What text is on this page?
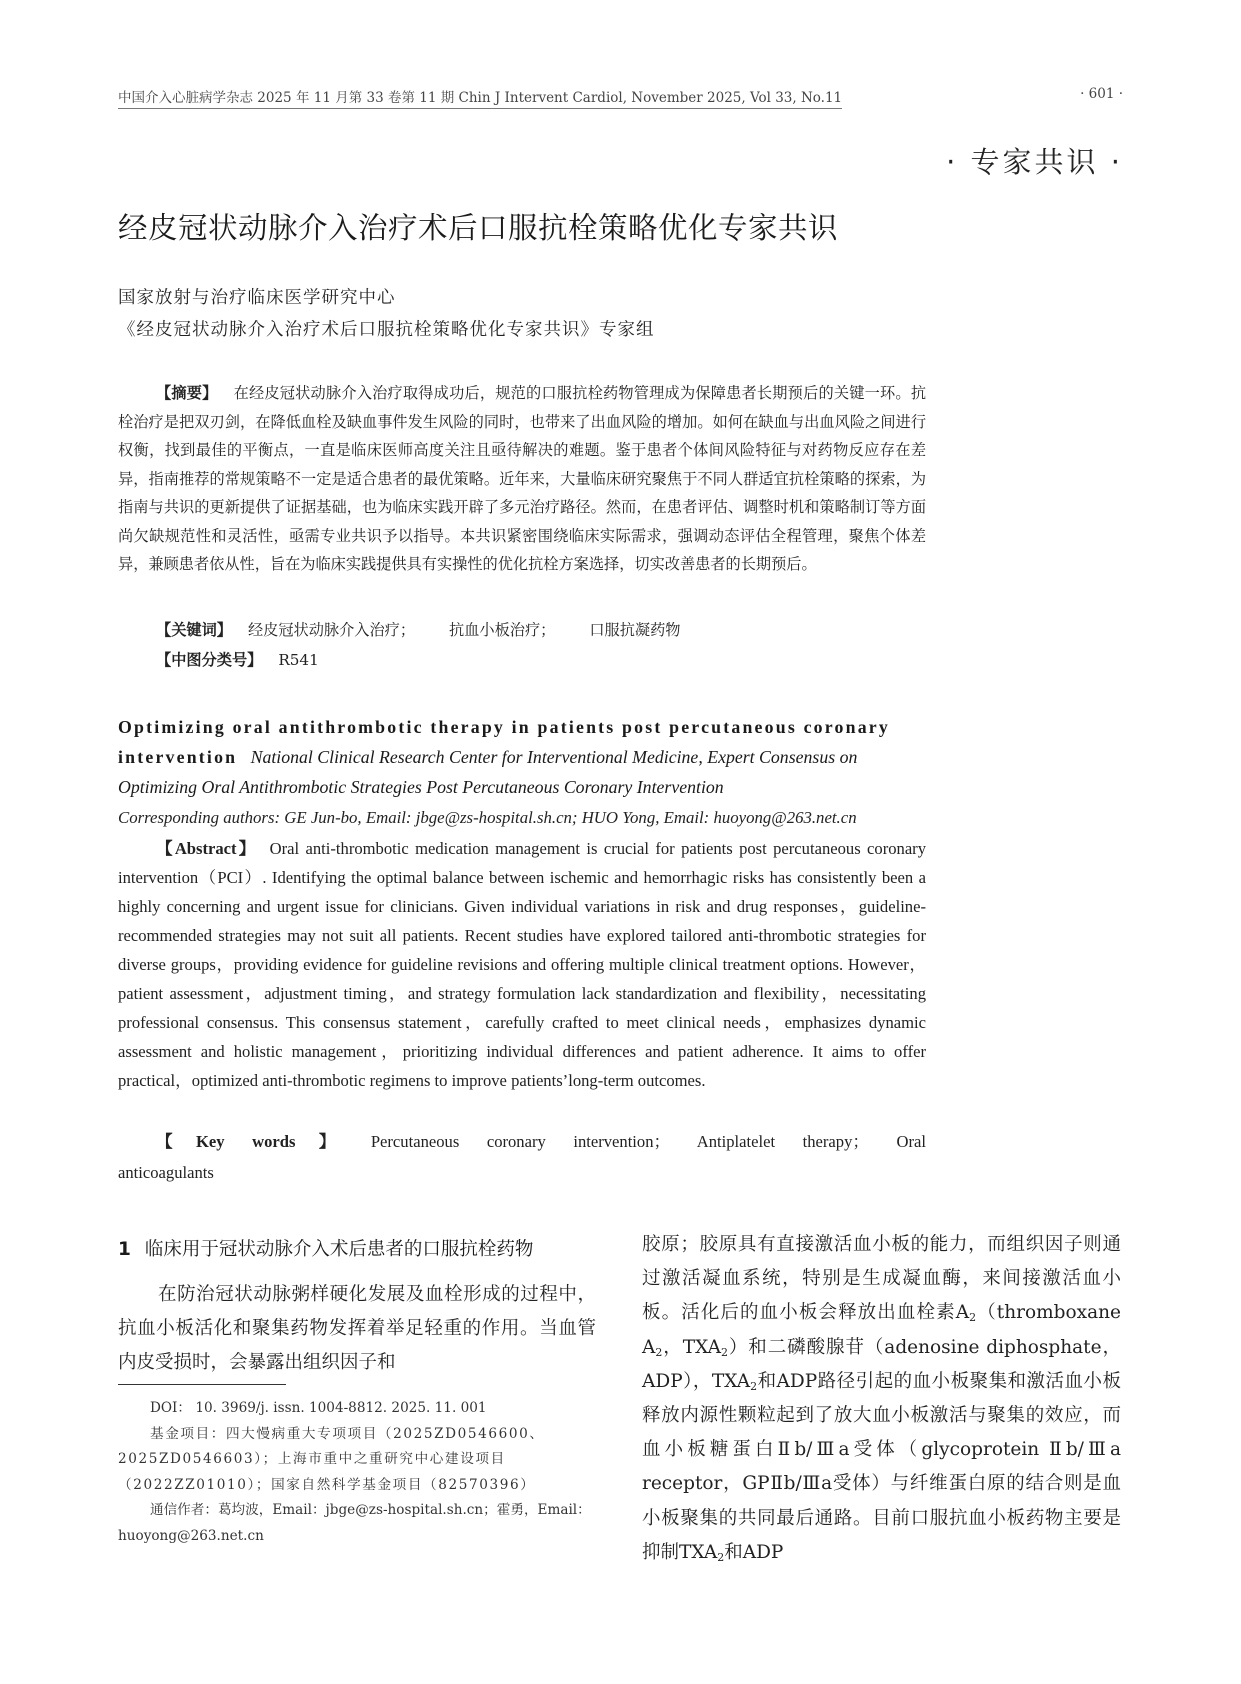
中国介入心脏病学杂志 2025 年 11 月第 33 卷第 11 期 Chin J Intervent Cardiol, November 2025, Vol 33, No.11	· 601 ·
· 专家共识 ·
经皮冠状动脉介入治疗术后口服抗栓策略优化专家共识
国家放射与治疗临床医学研究中心
《经皮冠状动脉介入治疗术后口服抗栓策略优化专家共识》专家组

【摘要】 在经皮冠状动脉介入治疗取得成功后，规范的口服抗栓药物管理成为保障患者长期预后的关键一环。抗栓治疗是把双刃剑，在降低血栓及缺血事件发生风险的同时，也带来了出血风险的增加。如何在缺血与出血风险之间进行权衡，找到最佳的平衡点，一直是临床医师高度关注且亟待解决的难题。鉴于患者个体间风险特征与对药物反应存在差异，指南推荐的常规策略不一定是适合患者的最优策略。近年来，大量临床研究聚焦于不同人群适宜抗栓策略的探索，为指南与共识的更新提供了证据基础，也为临床实践开辟了多元治疗路径。然而，在患者评估、调整时机和策略制订等方面尚欠缺规范性和灵活性，亟需专业共识予以指导。本共识紧密围绕临床实际需求，强调动态评估全程管理，聚焦个体差异，兼顾患者依从性，旨在为临床实践提供具有实操性的优化抗栓方案选择，切实改善患者的长期预后。

【关键词】 经皮冠状动脉介入治疗； 抗血小板治疗； 口服抗凝药物
【中图分类号】 R541
Optimizing oral antithrombotic therapy in patients post percutaneous coronary
intervention National Clinical Research Center for Interventional Medicine, Expert Consensus on Optimizing Oral Antithrombotic Strategies Post Percutaneous Coronary Intervention
Corresponding authors: GE Jun-bo, Email: jbge@zs-hospital.sh.cn; HUO Yong, Email: huoyong@263.net.cn

【Abstract】 Oral anti-thrombotic medication management is crucial for patients post percutaneous coronary intervention（PCI）. Identifying the optimal balance between ischemic and hemorrhagic risks has consistently been a highly concerning and urgent issue for clinicians. Given individual variations in risk and drug responses，guideline-recommended strategies may not suit all patients. Recent studies have explored tailored anti-thrombotic strategies for diverse groups，providing evidence for guideline revisions and offering multiple clinical treatment options. However，patient assessment，adjustment timing，and strategy formulation lack standardization and flexibility，necessitating professional consensus. This consensus statement，carefully crafted to meet clinical needs，emphasizes dynamic assessment and holistic management，prioritizing individual differences and patient adherence. It aims to offer practical，optimized anti-thrombotic regimens to improve patients’long-term outcomes.

【Key words】 Percutaneous coronary intervention； Antiplatelet therapy； Oral
anticoagulants
1 临床用于冠状动脉介入术后患者的口服抗栓药物

在防治冠状动脉粥样硬化发展及血栓形成的过程中，抗血小板活化和聚集药物发挥着举足轻重的作用。当血管内皮受损时，会暴露出组织因子和

DOI： 10. 3969/j. issn. 1004-8812. 2025. 11. 001

基金项目：四大慢病重大专项项目（2025ZD0546600、2025ZD0546603）；上海市重中之重研究中心建设项目（2022ZZ01010）；国家自然科学基金项目（82570396）

通信作者：葛均波，Email：jbge@zs-hospital.sh.cn；霍勇，Email：huoyong@263.net.cn

胶原；胶原具有直接激活血小板的能力，而组织因子则通过激活凝血系统，特别是生成凝血酶，来间接激活血小板。活化后的血小板会释放出血栓素$A_2(thromboxane$ $A_2$，$TXA_2$）和二磷酸腺苷（adenosine diphosphate，ADP），$TXA_2$和ADP路径引起的血小板聚集和激活血小板释放内源性颗粒起到了放大血小板激活与聚集的效应，而血小板糖蛋白Ⅱb/Ⅲa受体（glycoprotein Ⅱb/Ⅲa receptor，GPⅡb/Ⅲa受体）与纤维蛋白原的结合则是血小板聚集的共同最后通路。目前口服抗血小板药物主要是抑制$TXA_2$和ADP
